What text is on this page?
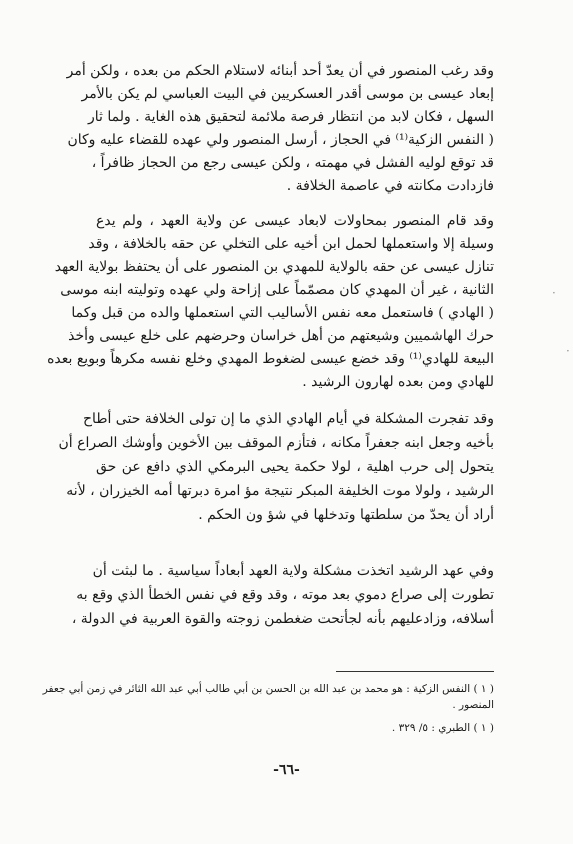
وقد رغب المنصور في أن يعدّ أحد أبنائه لاستلام الحكم من بعده ، ولكن أمر
إبعاد عيسى بن موسى أقدر العسكريين في البيت العباسي لم يكن بالأمر
السهل ، فكان لابد من انتظار فرصة ملائمة لتحقيق هذه الغاية . ولما ثار
( النفس الزكية⁽¹⁾ في الحجاز ، أرسل المنصور ولي عهده للقضاء عليه وكان
قد توقع لوليه الفشل في مهمته ، ولكن عيسى رجع من الحجاز ظافراً ،
فازدادت مكانته في عاصمة الخلافة .
وقد قام المنصور بمحاولات لابعاد عيسى عن ولاية العهد ، ولم يدع
وسيلة إلا واستعملها لحمل ابن أخيه على التخلي عن حقه بالخلافة ، وقد
تنازل عيسى عن حقه بالولاية للمهدي بن المنصور على أن يحتفظ بولاية العهد
الثانية ، غير أن المهدي كان مصمّماً على إزاحة ولي عهده وتوليته ابنه موسى
( الهادي ) فاستعمل معه نفس الأساليب التي استعملها والده من قبل وكما
حرك الهاشميين وشيعتهم من أهل خراسان وحرضهم على خلع عيسى وأخذ
البيعة للهادي⁽¹⁾ وقد خضع عيسى لضغوط المهدي وخلع نفسه مكرهاً وبويع بعده
للهادي ومن بعده لهارون الرشيد .
وقد تفجرت المشكلة في أيام الهادي الذي ما إن تولى الخلافة حتى أطاح
بأخيه وجعل ابنه جعفراً مكانه ، فتأزم الموقف بين الأخوين وأوشك الصراع أن
يتحول إلى حرب اهلية ، لولا حكمة يحيى البرمكي الذي دافع عن حق
الرشيد ، ولولا موت الخليفة المبكر نتيجة مؤ امرة دبرتها أمه الخيزران ، لأنه
أراد أن يحدّ من سلطتها وتدخلها في شؤ ون الحكم .
وفي عهد الرشيد اتخذت مشكلة ولاية العهد أبعاداً سياسية . ما لبثت أن
تطورت إلى صراع دموي بعد موته ، وقد وقع في نفس الخطأ الذي وقع به
أسلافه، وزادعليهم بأنه لجأتحت ضغطمن زوجته والقوة العربية في الدولة ،
( ١ ) النفس الزكية : هو محمد بن عبد الله بن الحسن بن أبي طالب أبي عبد الله الثائر في زمن أبي جعفر
المنصور .
( ١ ) الطبري : ٥/ ٣٢٩ .
-٦٦-
·
·
